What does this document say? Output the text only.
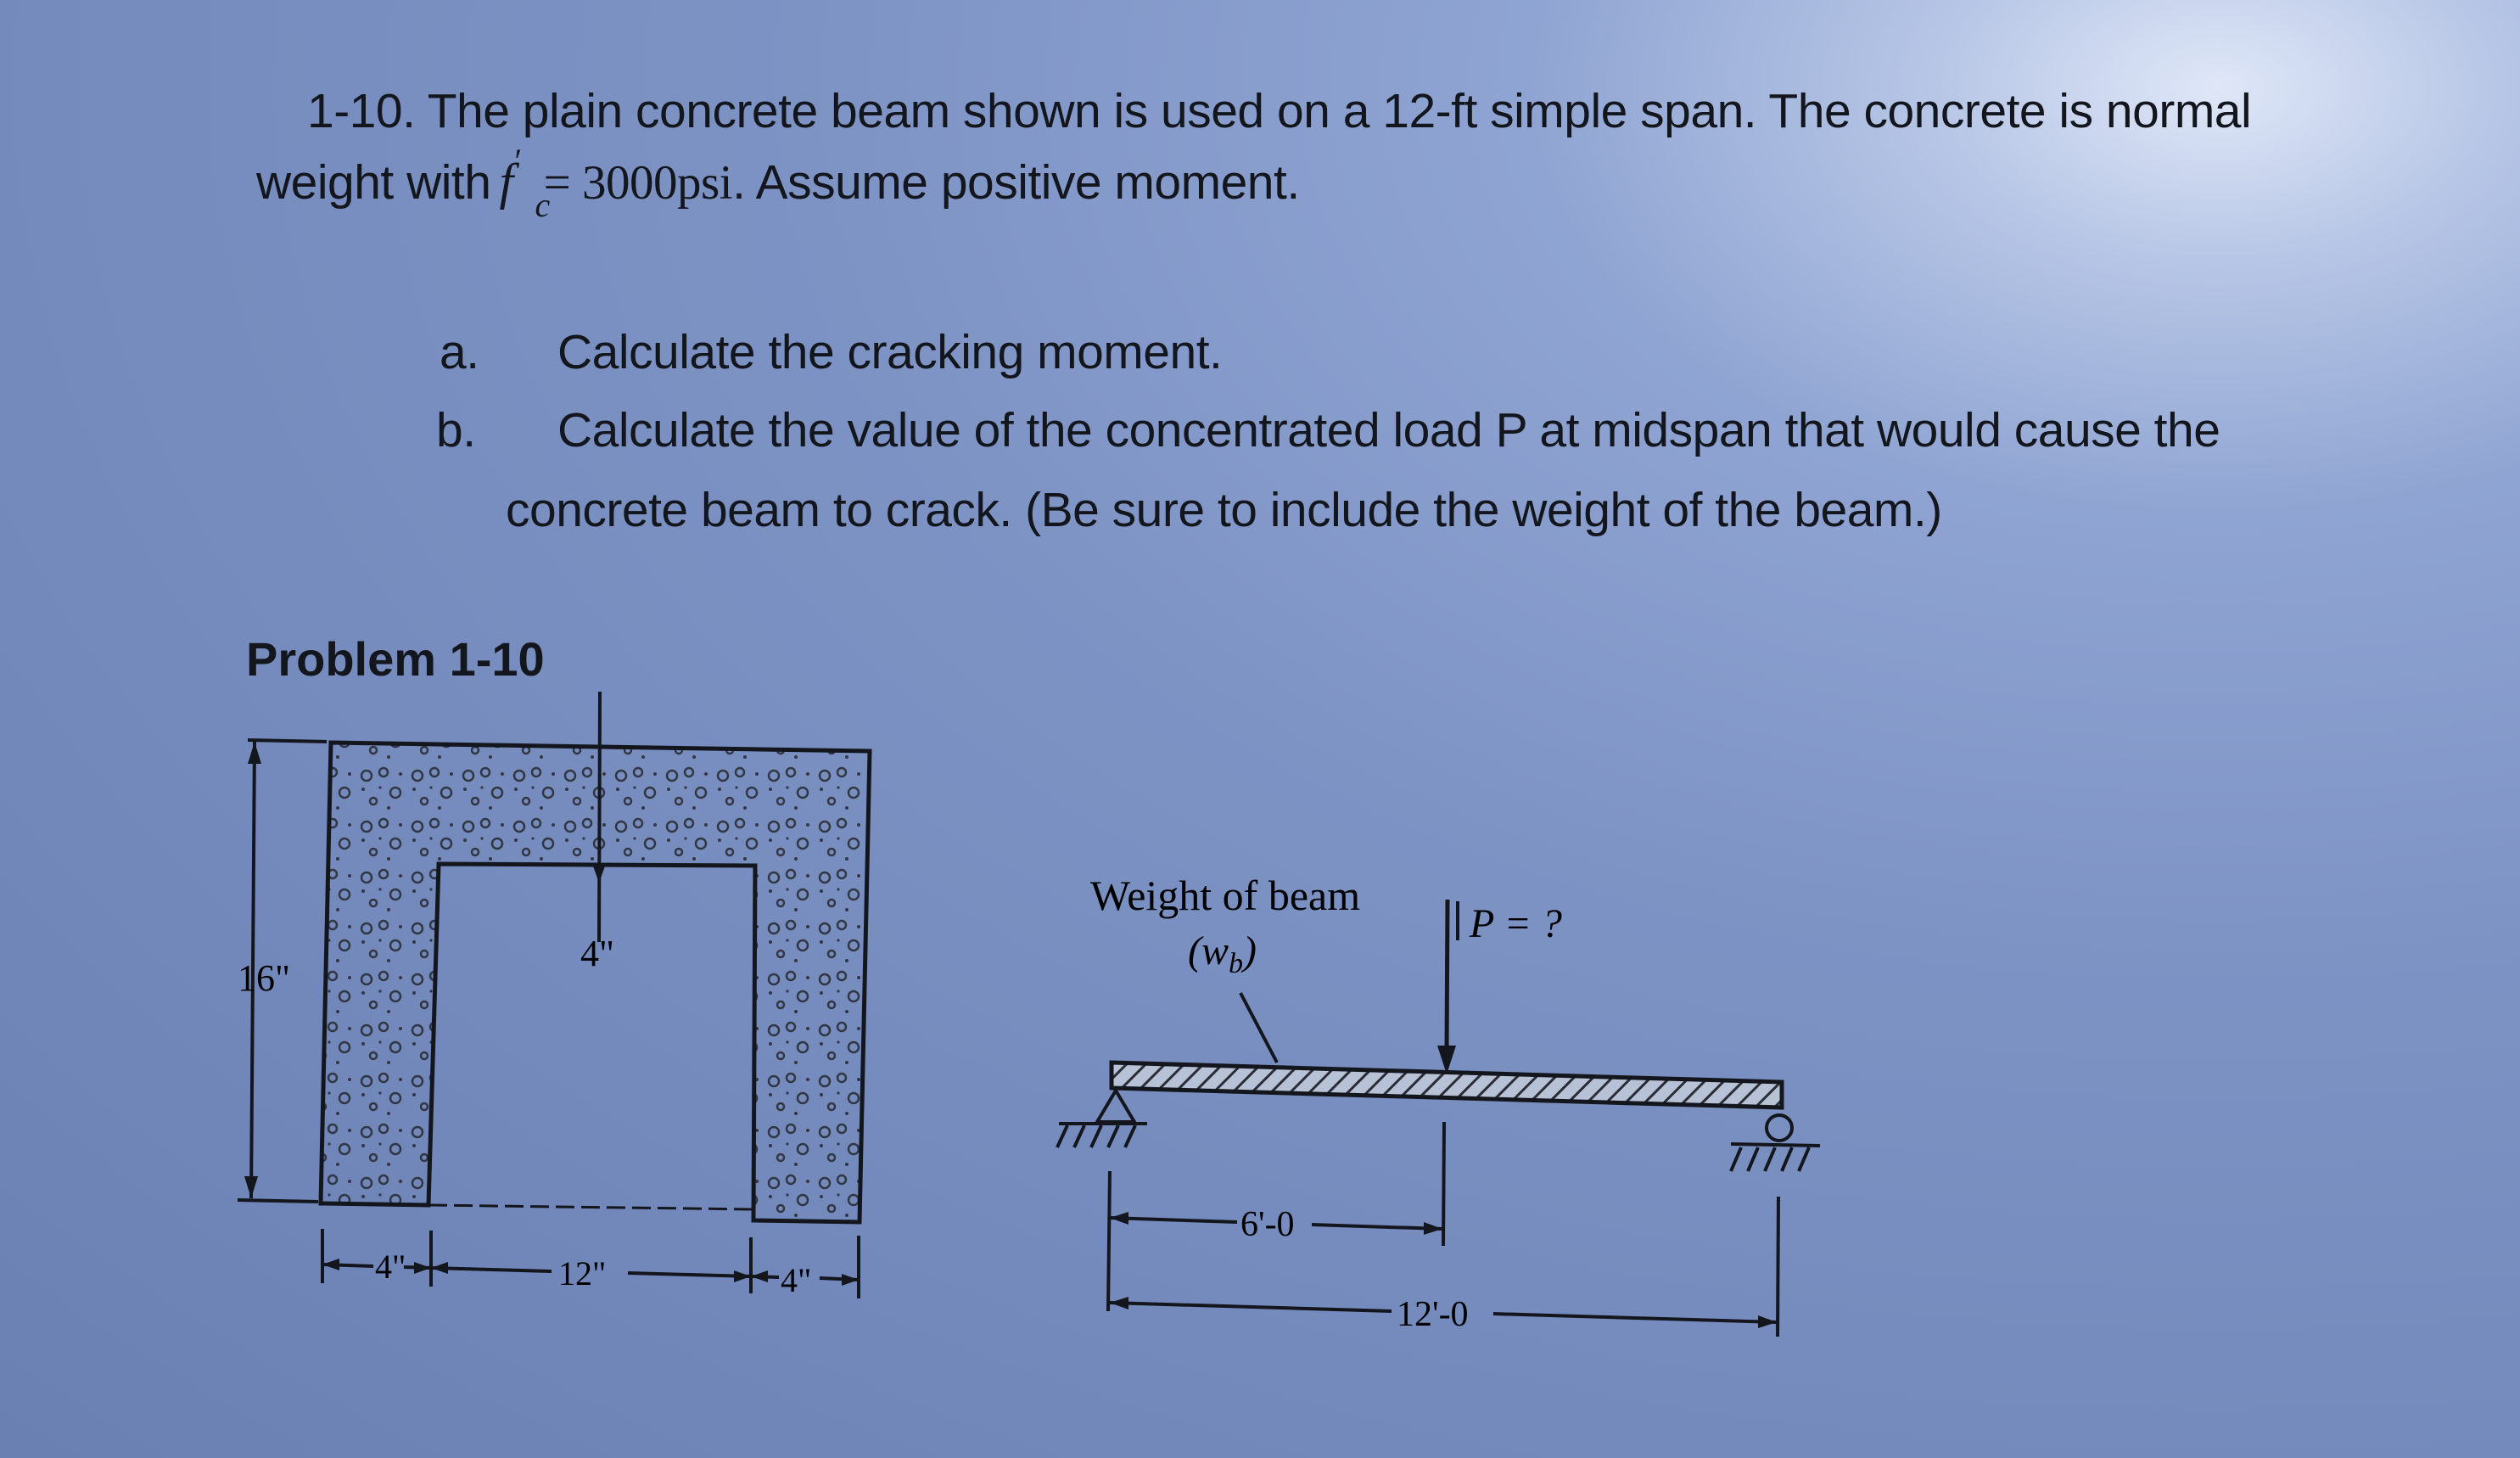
1-10. The plain concrete beam shown is used on a 12-ft simple span. The concrete is normal
weight with f ′
c
= 3000psi. Assume positive moment.
a. Calculate the cracking moment.
b. Calculate the value of the concentrated load P at midspan that would cause the
concrete beam to crack. (Be sure to include the weight of the beam.)
Problem 1-10
16"
4"
4"	12"	4"
Weight of beam
$(w_b)$
P = ?
6'-0
12'-0
